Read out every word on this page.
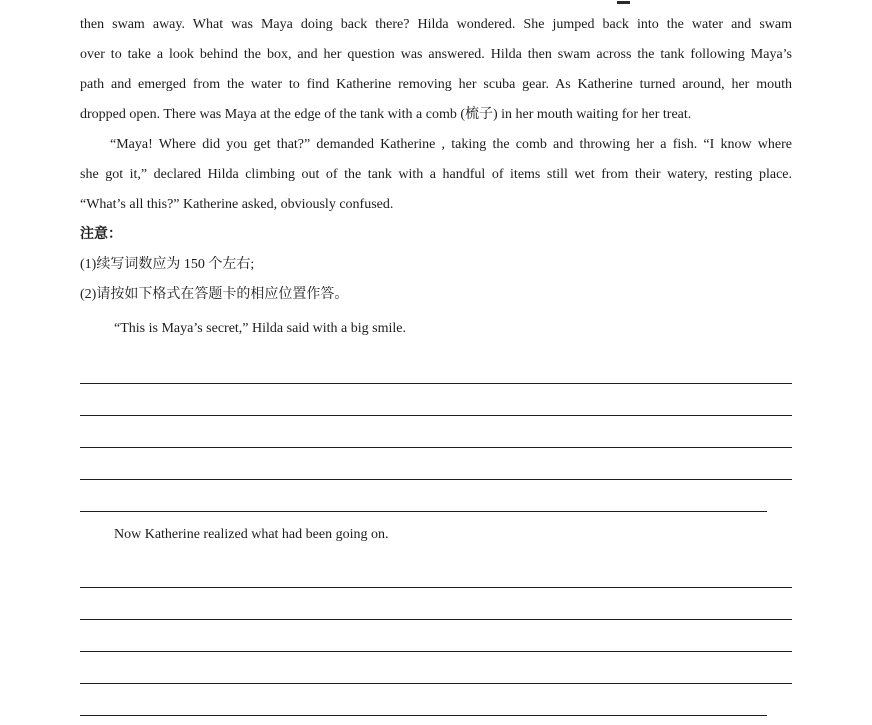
then swam away. What was Maya doing back there? Hilda wondered. She jumped back into the water and swam
over to take a look behind the box, and her question was answered. Hilda then swam across the tank following Maya’s
path and emerged from the water to find Katherine removing her scuba gear. As Katherine turned around, her mouth
dropped open. There was Maya at the edge of the tank with a comb (梳子) in her mouth waiting for her treat.
“Maya! Where did you get that?” demanded Katherine , taking the comb and throwing her a fish. “I know where
she got it,” declared Hilda climbing out of the tank with a handful of items still wet from their watery, resting place.
“What’s all this?” Katherine asked, obviously confused.
注意：
(1)续写词数应为 150 个左右;
(2)请按如下格式在答题卡的相应位置作答。
“This is Maya’s secret,” Hilda said with a big smile.
Now Katherine realized what had been going on.
